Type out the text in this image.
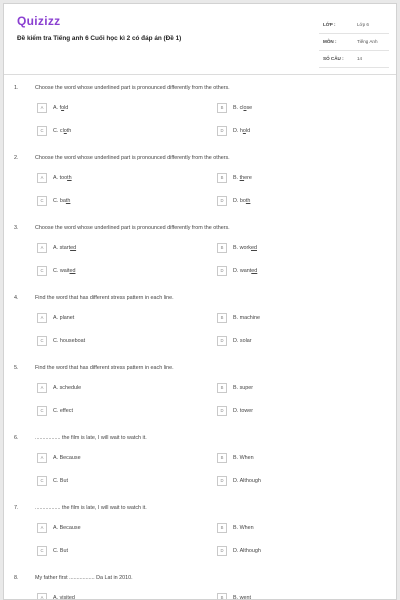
Quizizz
Đề kiểm tra Tiếng anh 6 Cuối học kì 2 có đáp án (Đề 1)
LỚP :	Lớp 6
MÔN :	Tiếng Anh
SỐ CÂU :	14
1.	Choose the word whose underlined part is pronounced differently from the others.
A	A. fold	B	B. close
C	C. cloth	D	D. hold
2.	Choose the word whose underlined part is pronounced differently from the others.
A	A. tooth	B	B. there
C	C. bath	D	D. both
3.	Choose the word whose underlined part is pronounced differently from the others.
A	A. started	B	B. worked
C	C. waited	D	D. wanted
4.	Find the word that has different stress pattern in each line.
A	A. planet	B	B. machine
C	C. houseboat	D	D. solar
5.	Find the word that has different stress pattern in each line.
A	A. schedule	B	B. super
C	C. effect	D	D. tower
6.	................. the film is late, I will wait to watch it.
A	A. Because	B	B. When
C	C. But	D	D. Although
7.	................. the film is late, I will wait to watch it.
A	A. Because	B	B. When
C	C. But	D	D. Although
8.	My father first ................. Da Lat in 2010.
A	A. visited	B	B. went
